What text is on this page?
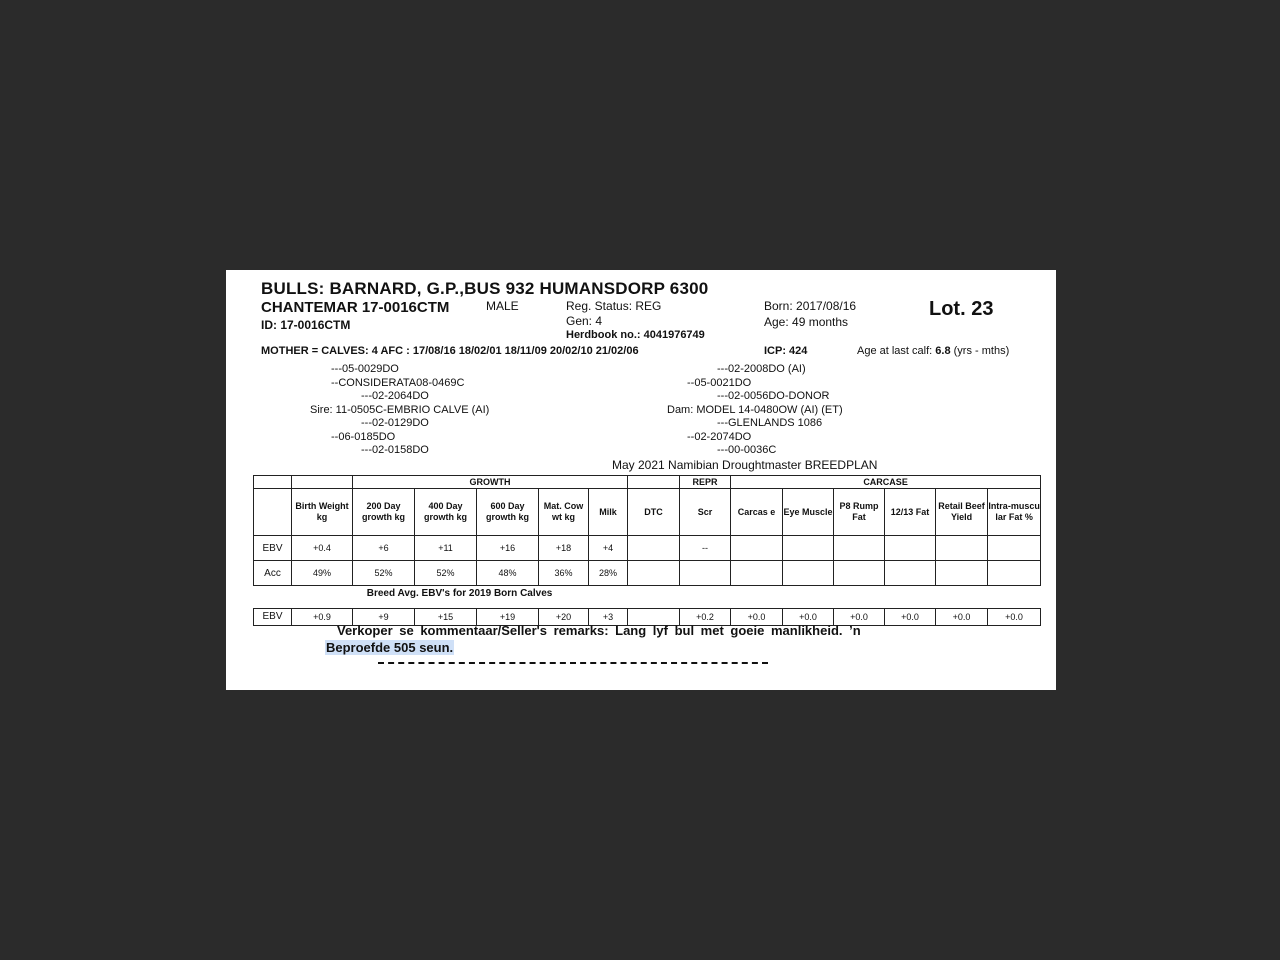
BULLS: BARNARD, G.P.,BUS 932 HUMANSDORP 6300
CHANTEMAR 17-0016CTM	MALE
ID: 17-0016CTM
Reg. Status: REG
Gen: 4
Herdbook no.: 4041976749
Born: 2017/08/16
Age: 49 months
Lot. 23
MOTHER = CALVES: 4 AFC : 17/08/16 18/02/01 18/11/09 20/02/10 21/02/06	ICP: 424	Age at last calf: 6.8 (yrs - mths)
---05-0029DO
--CONSIDERATA08-0469C
---02-2064DO
Sire: 11-0505C-EMBRIO CALVE (AI)
---02-0129DO
--06-0185DO
---02-0158DO
---02-2008DO (AI)
--05-0021DO
---02-0056DO-DONOR
Dam: MODEL 14-0480OW (AI) (ET)
---GLENLANDS 1086
--02-2074DO
---00-0036C
May 2021 Namibian Droughtmaster BREEDPLAN
		GROWTH						REPR	CARCASE					
	Birth Weight kg	200 Day growth kg	400 Day growth kg	600 Day growth kg	Mat. Cow wt kg	Milk	DTC	Scr	Carcas e	Eye Muscle	P8 Rump Fat	12/13 Fat	Retail Beef Yield	Intra-muscu lar Fat %
EBV	+0.4	+6	+11	+16	+18	+4		--						
Acc	49%	52%	52%	48%	36%	28%								
	Breed Avg. EBV's for 2019 Born Calves													

EBV	+0.9	+9	+15	+19	+20	+3		+0.2	+0.0	+0.0	+0.0	+0.0	+0.0	+0.0
Verkoper se kommentaar/Seller's remarks: Lang lyf bul met goeie manlikheid. ’n
Beproefde 505 seun.
